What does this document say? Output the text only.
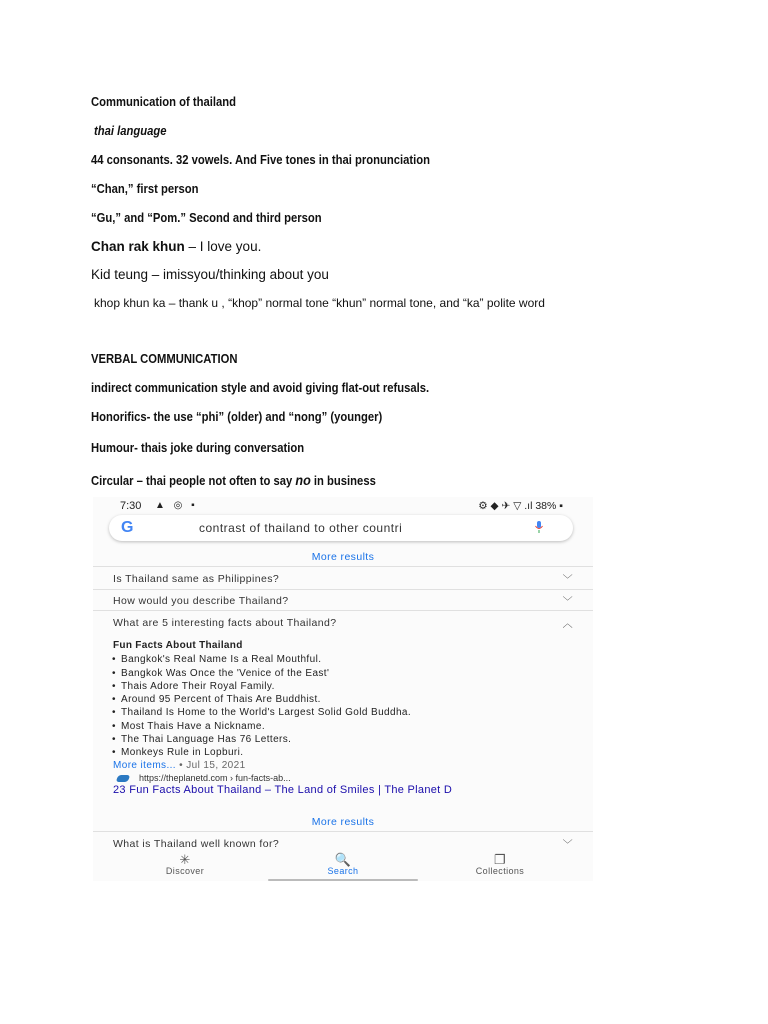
Communication of thailand
thai language
44 consonants. 32 vowels. And Five tones in thai pronunciation
“Chan,” first person
“Gu,” and “Pom.” Second and third person
Chan rak khun – I love you.
Kid teung – imissyou/thinking about you
khop khun ka – thank u , “khop” normal tone “khun” normal tone, and “ka” polite word
VERBAL COMMUNICATION
indirect communication style and avoid giving flat-out refusals.
Honorifics- the use “phi” (older) and “nong” (younger)
Humour- thais joke during conversation
Circular – thai people not often to say no in business
7:30 ▲ ◎ ▪	⚙ ◆ ✈ ▽ .ıl 38% ▪
G	contrast of thailand to other countri
More results
Is Thailand same as Philippines?	﹀
How would you describe Thailand?	﹀
What are 5 interesting facts about Thailand?	︿
Fun Facts About Thailand
• Bangkok's Real Name Is a Real Mouthful.
• Bangkok Was Once the 'Venice of the East'
• Thais Adore Their Royal Family.
• Around 95 Percent of Thais Are Buddhist.
• Thailand Is Home to the World's Largest Solid Gold Buddha.
• Most Thais Have a Nickname.
• The Thai Language Has 76 Letters.
• Monkeys Rule in Lopburi.
More items... • Jul 15, 2021
https://theplanetd.com › fun-facts-ab...
23 Fun Facts About Thailand – The Land of Smiles | The Planet D
More results
What is Thailand well known for?	﹀
✳
Discover
🔍
Search
❐
Collections
